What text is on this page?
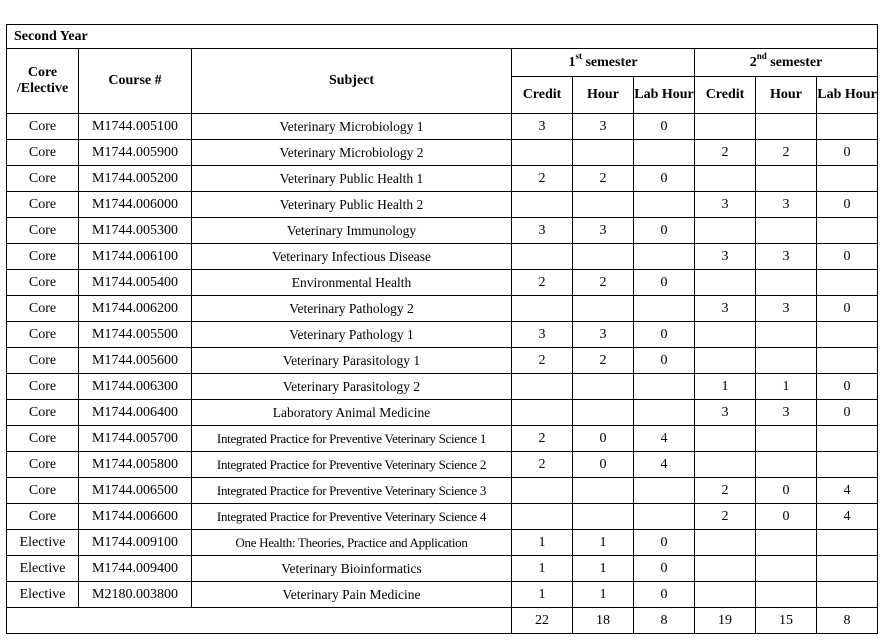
Second Year								
Core /Elective	Course #	Subject	1st semester			2nd semester		
			Credit	Hour	Lab Hour	Credit	Hour	Lab Hour
Core	M1744.005100	Veterinary Microbiology 1	3	3	0			
Core	M1744.005900	Veterinary Microbiology 2				2	2	0
Core	M1744.005200	Veterinary Public Health 1	2	2	0			
Core	M1744.006000	Veterinary Public Health 2				3	3	0
Core	M1744.005300	Veterinary Immunology	3	3	0			
Core	M1744.006100	Veterinary Infectious Disease				3	3	0
Core	M1744.005400	Environmental Health	2	2	0			
Core	M1744.006200	Veterinary Pathology 2				3	3	0
Core	M1744.005500	Veterinary Pathology 1	3	3	0			
Core	M1744.005600	Veterinary Parasitology 1	2	2	0			
Core	M1744.006300	Veterinary Parasitology 2				1	1	0
Core	M1744.006400	Laboratory Animal Medicine				3	3	0
Core	M1744.005700	Integrated Practice for Preventive Veterinary Science 1	2	0	4			
Core	M1744.005800	Integrated Practice for Preventive Veterinary Science 2	2	0	4			
Core	M1744.006500	Integrated Practice for Preventive Veterinary Science 3				2	0	4
Core	M1744.006600	Integrated Practice for Preventive Veterinary Science 4				2	0	4
Elective	M1744.009100	One Health: Theories, Practice and Application	1	1	0			
Elective	M1744.009400	Veterinary Bioinformatics	1	1	0			
Elective	M2180.003800	Veterinary Pain Medicine	1	1	0			
			22	18	8	19	15	8
